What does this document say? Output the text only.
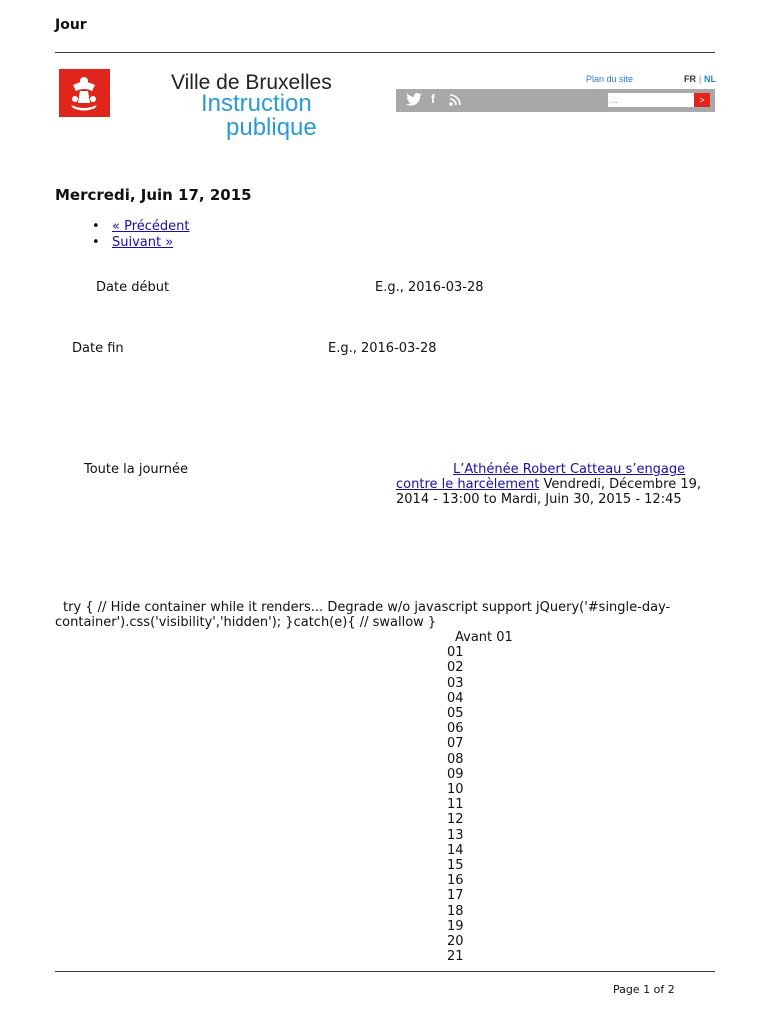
Jour
Ville de Bruxelles
Instruction
publique
Plan du site	FR | NL
f
...	>
Mercredi, Juin 17, 2015
• « Précédent
• Suivant »
Date début	E.g., 2016-03-28
Date fin	E.g., 2016-03-28
Toute la journée	L’Athénée Robert Catteau s’engage contre le harcèlement Vendredi, Décembre 19, 2014 - 13:00 to Mardi, Juin 30, 2015 - 12:45
try { // Hide container while it renders... Degrade w/o javascript support jQuery('#single-day-container').css('visibility','hidden'); }catch(e){ // swallow }
Avant 01
01
02
03
04
05
06
07
08
09
10
11
12
13
14
15
16
17
18
19
20
21
Page 1 of 2
